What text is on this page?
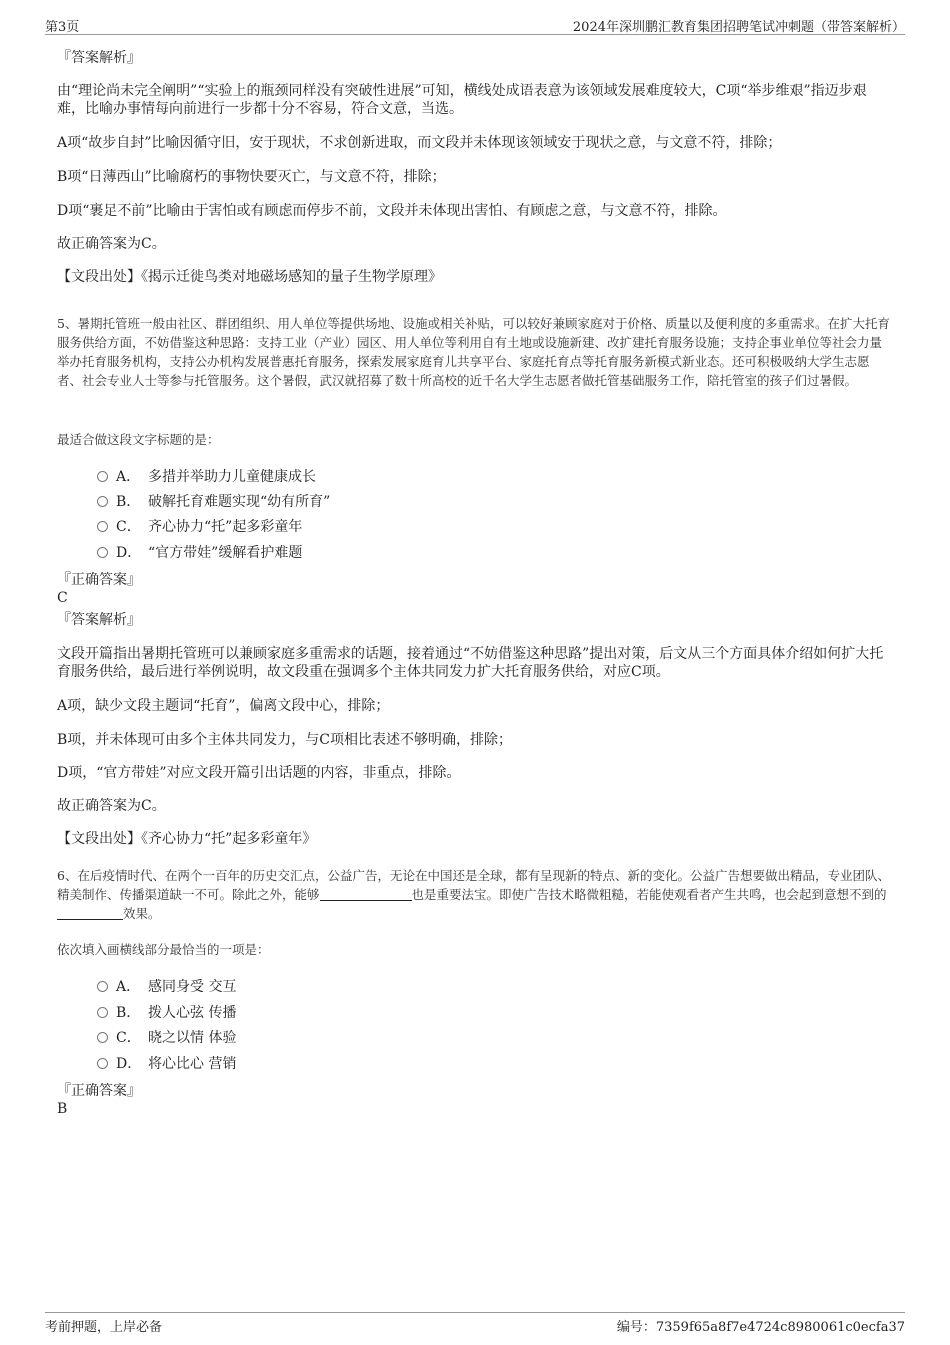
第3页	2024年深圳鹏汇教育集团招聘笔试冲刺题（带答案解析）
『答案解析』
由“理论尚未完全阐明”“实验上的瓶颈同样没有突破性进展”可知，横线处成语表意为该领域发展难度较大，C项“举步维艰”指迈步艰难，比喻办事情每向前进行一步都十分不容易，符合文意，当选。
A项“故步自封”比喻因循守旧，安于现状，不求创新进取，而文段并未体现该领域安于现状之意，与文意不符，排除；
B项“日薄西山”比喻腐朽的事物快要灭亡，与文意不符，排除；
D项“裹足不前”比喻由于害怕或有顾虑而停步不前，文段并未体现出害怕、有顾虑之意，与文意不符，排除。
故正确答案为C。
【文段出处】《揭示迁徙鸟类对地磁场感知的量子生物学原理》
5、暑期托管班一般由社区、群团组织、用人单位等提供场地、设施或相关补贴，可以较好兼顾家庭对于价格、质量以及便利度的多重需求。在扩大托育服务供给方面，不妨借鉴这种思路：支持工业（产业）园区、用人单位等利用自有土地或设施新建、改扩建托育服务设施；支持企事业单位等社会力量举办托育服务机构，支持公办机构发展普惠托育服务，探索发展家庭育儿共享平台、家庭托育点等托育服务新模式新业态。还可积极吸纳大学生志愿者、社会专业人士等参与托管服务。这个暑假，武汉就招募了数十所高校的近千名大学生志愿者做托管基础服务工作，陪托管室的孩子们过暑假。
最适合做这段文字标题的是：
A． 多措并举助力儿童健康成长
B． 破解托育难题实现“幼有所育”
C． 齐心协力“托”起多彩童年
D． “官方带娃”缓解看护难题
『正确答案』
C
『答案解析』
文段开篇指出暑期托管班可以兼顾家庭多重需求的话题，接着通过“不妨借鉴这种思路”提出对策，后文从三个方面具体介绍如何扩大托育服务供给，最后进行举例说明，故文段重在强调多个主体共同发力扩大托育服务供给，对应C项。
A项，缺少文段主题词“托育”，偏离文段中心，排除；
B项，并未体现可由多个主体共同发力，与C项相比表述不够明确，排除；
D项，“官方带娃”对应文段开篇引出话题的内容，非重点，排除。
故正确答案为C。
【文段出处】《齐心协力“托”起多彩童年》
6、在后疫情时代、在两个一百年的历史交汇点，公益广告，无论在中国还是全球，都有呈现新的特点、新的变化。公益广告想要做出精品，专业团队、精美制作、传播渠道缺一不可。除此之外，能够	也是重要法宝。即使广告技术略微粗糙，若能使观看者产生共鸣，也会起到意想不到的效果。
依次填入画横线部分最恰当的一项是：
A． 感同身受 交互
B． 拨人心弦 传播
C． 晓之以情 体验
D． 将心比心 营销
『正确答案』
B
考前押题，上岸必备	编号：7359f65a8f7e4724c8980061c0ecfa37
